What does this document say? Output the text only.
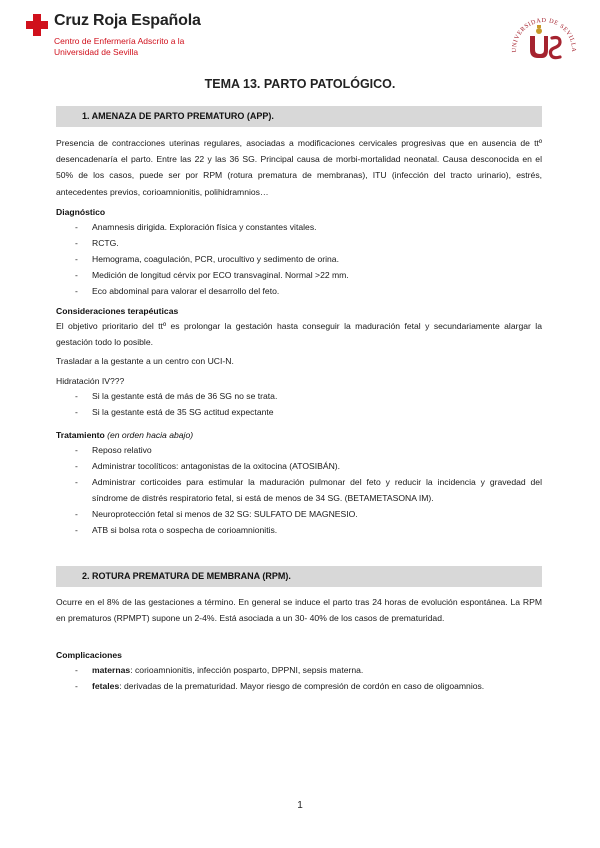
Cruz Roja Española
Centro de Enfermería Adscrito a la
Universidad de Sevilla	UNIVERSIDAD DE SEVILLA
TEMA 13. PARTO PATOLÓGICO.
1. AMENAZA DE PARTO PREMATURO (APP).
Presencia de contracciones uterinas regulares, asociadas a modificaciones cervicales progresivas que en ausencia de ttº desencadenaría el parto. Entre las 22 y las 36 SG. Principal causa de morbi-mortalidad neonatal. Causa desconocida en el 50% de los casos, puede ser por RPM (rotura prematura de membranas), ITU (infección del tracto urinario), estrés, antecedentes previos, corioamnionitis, polihidramnios…
Diagnóstico
- Anamnesis dirigida. Exploración física y constantes vitales.
- RCTG.
- Hemograma, coagulación, PCR, urocultivo y sedimento de orina.
- Medición de longitud cérvix por ECO transvaginal. Normal >22 mm.
- Eco abdominal para valorar el desarrollo del feto.
Consideraciones terapéuticas
El objetivo prioritario del ttº es prolongar la gestación hasta conseguir la maduración fetal y secundariamente alargar la gestación todo lo posible.
Trasladar a la gestante a un centro con UCI-N.
Hidratación IV???
- Si la gestante está de más de 36 SG no se trata.
- Si la gestante está de 35 SG actitud expectante
Tratamiento (en orden hacia abajo)
- Reposo relativo
- Administrar tocolíticos: antagonistas de la oxitocina (ATOSIBÁN).
- Administrar corticoides para estimular la maduración pulmonar del feto y reducir la incidencia y gravedad del síndrome de distrés respiratorio fetal, si está de menos de 34 SG. (BETAMETASONA IM).
- Neuroprotección fetal si menos de 32 SG: SULFATO DE MAGNESIO.
- ATB si bolsa rota o sospecha de corioamnionitis.
2. ROTURA PREMATURA DE MEMBRANA (RPM).
Ocurre en el 8% de las gestaciones a término. En general se induce el parto tras 24 horas de evolución espontánea. La RPM en prematuros (RPMPT) supone un 2-4%. Está asociada a un 30- 40% de los casos de prematuridad.
Complicaciones
- maternas: corioamnionitis, infección posparto, DPPNI, sepsis materna.
- fetales: derivadas de la prematuridad. Mayor riesgo de compresión de cordón en caso de oligoamnios.
1
